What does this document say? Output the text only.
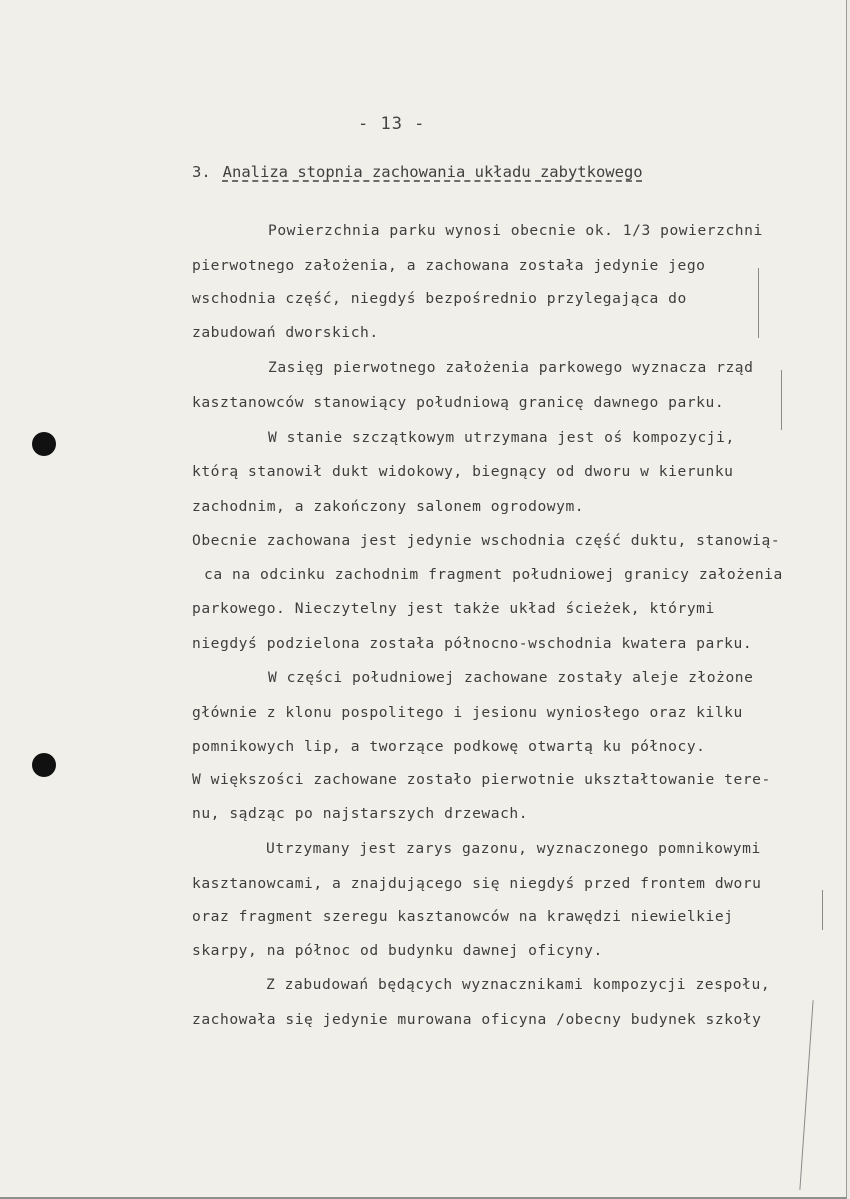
- 13 -
3. Analiza stopnia zachowania układu zabytkowego
Powierzchnia parku wynosi obecnie ok. 1/3 powierzchni
pierwotnego założenia, a zachowana została jedynie jego
wschodnia część, niegdyś bezpośrednio przylegająca do
zabudowań dworskich.
Zasięg pierwotnego założenia parkowego wyznacza rząd
kasztanowców stanowiący południową granicę dawnego parku.
W stanie szczątkowym utrzymana jest oś kompozycji,
którą stanowił dukt widokowy, biegnący od dworu w kierunku
zachodnim, a zakończony salonem ogrodowym.
Obecnie zachowana jest jedynie wschodnia część duktu, stanowią-
ca na odcinku zachodnim fragment południowej granicy założenia
parkowego. Nieczytelny jest także układ ścieżek, którymi
niegdyś podzielona została północno-wschodnia kwatera parku.
W części południowej zachowane zostały aleje złożone
głównie z klonu pospolitego i jesionu wyniosłego oraz kilku
pomnikowych lip, a tworzące podkowę otwartą ku północy.
W większości zachowane zostało pierwotnie ukształtowanie tere-
nu, sądząc po najstarszych drzewach.
Utrzymany jest zarys gazonu, wyznaczonego pomnikowymi
kasztanowcami, a znajdującego się niegdyś przed frontem dworu
oraz fragment szeregu kasztanowców na krawędzi niewielkiej
skarpy, na północ od budynku dawnej oficyny.
Z zabudowań będących wyznacznikami kompozycji zespołu,
zachowała się jedynie murowana oficyna /obecny budynek szkoły
